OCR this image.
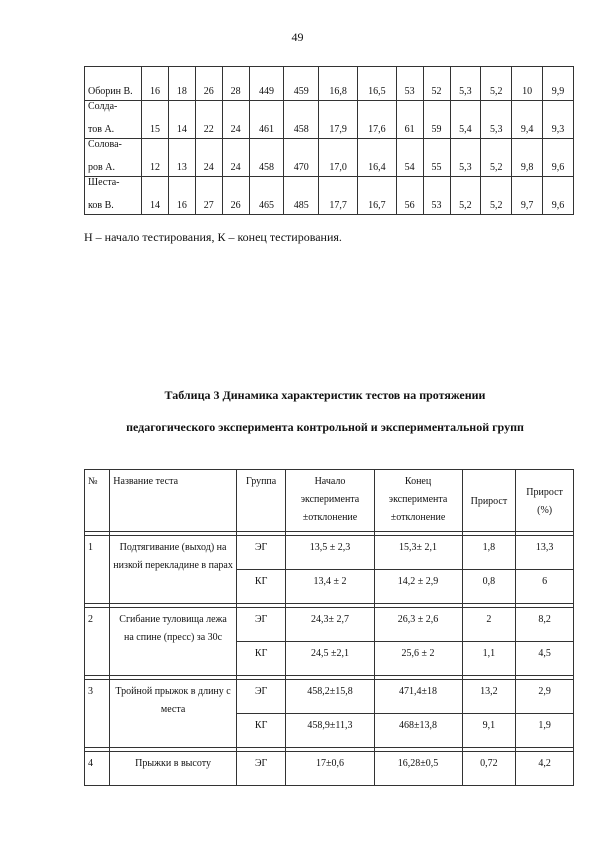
49
Оборин В.	16	18	26	28	449	459	16,8	16,5	53	52	5,3	5,2	10	9,9

Солда-
тов А.	15	14	22	24	461	458	17,9	17,6	61	59	5,4	5,3	9,4	9,3

Солова-
ров А.	12	13	24	24	458	470	17,0	16,4	54	55	5,3	5,2	9,8	9,6

Шеста-
ков В.	14	16	27	26	465	485	17,7	16,7	56	53	5,2	5,2	9,7	9,6
Н – начало тестирования, К – конец тестирования.
Таблица 3 Динамика характеристик тестов на протяжении
педагогического эксперимента контрольной и экспериментальной групп
№	Название теста	Группа	Начало эксперимента ±отклонение	Конец эксперимента ±отклонение	Прирост	Прирост (%)

1	Подтягивание (выход) на низкой перекладине в парах	ЭГ	13,5 ± 2,3	15,3± 2,1	1,8	13,3
		КГ	13,4 ± 2	14,2 ± 2,9	0,8	6

2	Сгибание туловища лежа на спине (пресс) за 30с	ЭГ	24,3± 2,7	26,3 ± 2,6	2	8,2
		КГ	24,5 ±2,1	25,6 ± 2	1,1	4,5

3	Тройной прыжок в длину с места	ЭГ	458,2±15,8	471,4±18	13,2	2,9
		КГ	458,9±11,3	468±13,8	9,1	1,9

4	Прыжки в высоту	ЭГ	17±0,6	16,28±0,5	0,72	4,2
